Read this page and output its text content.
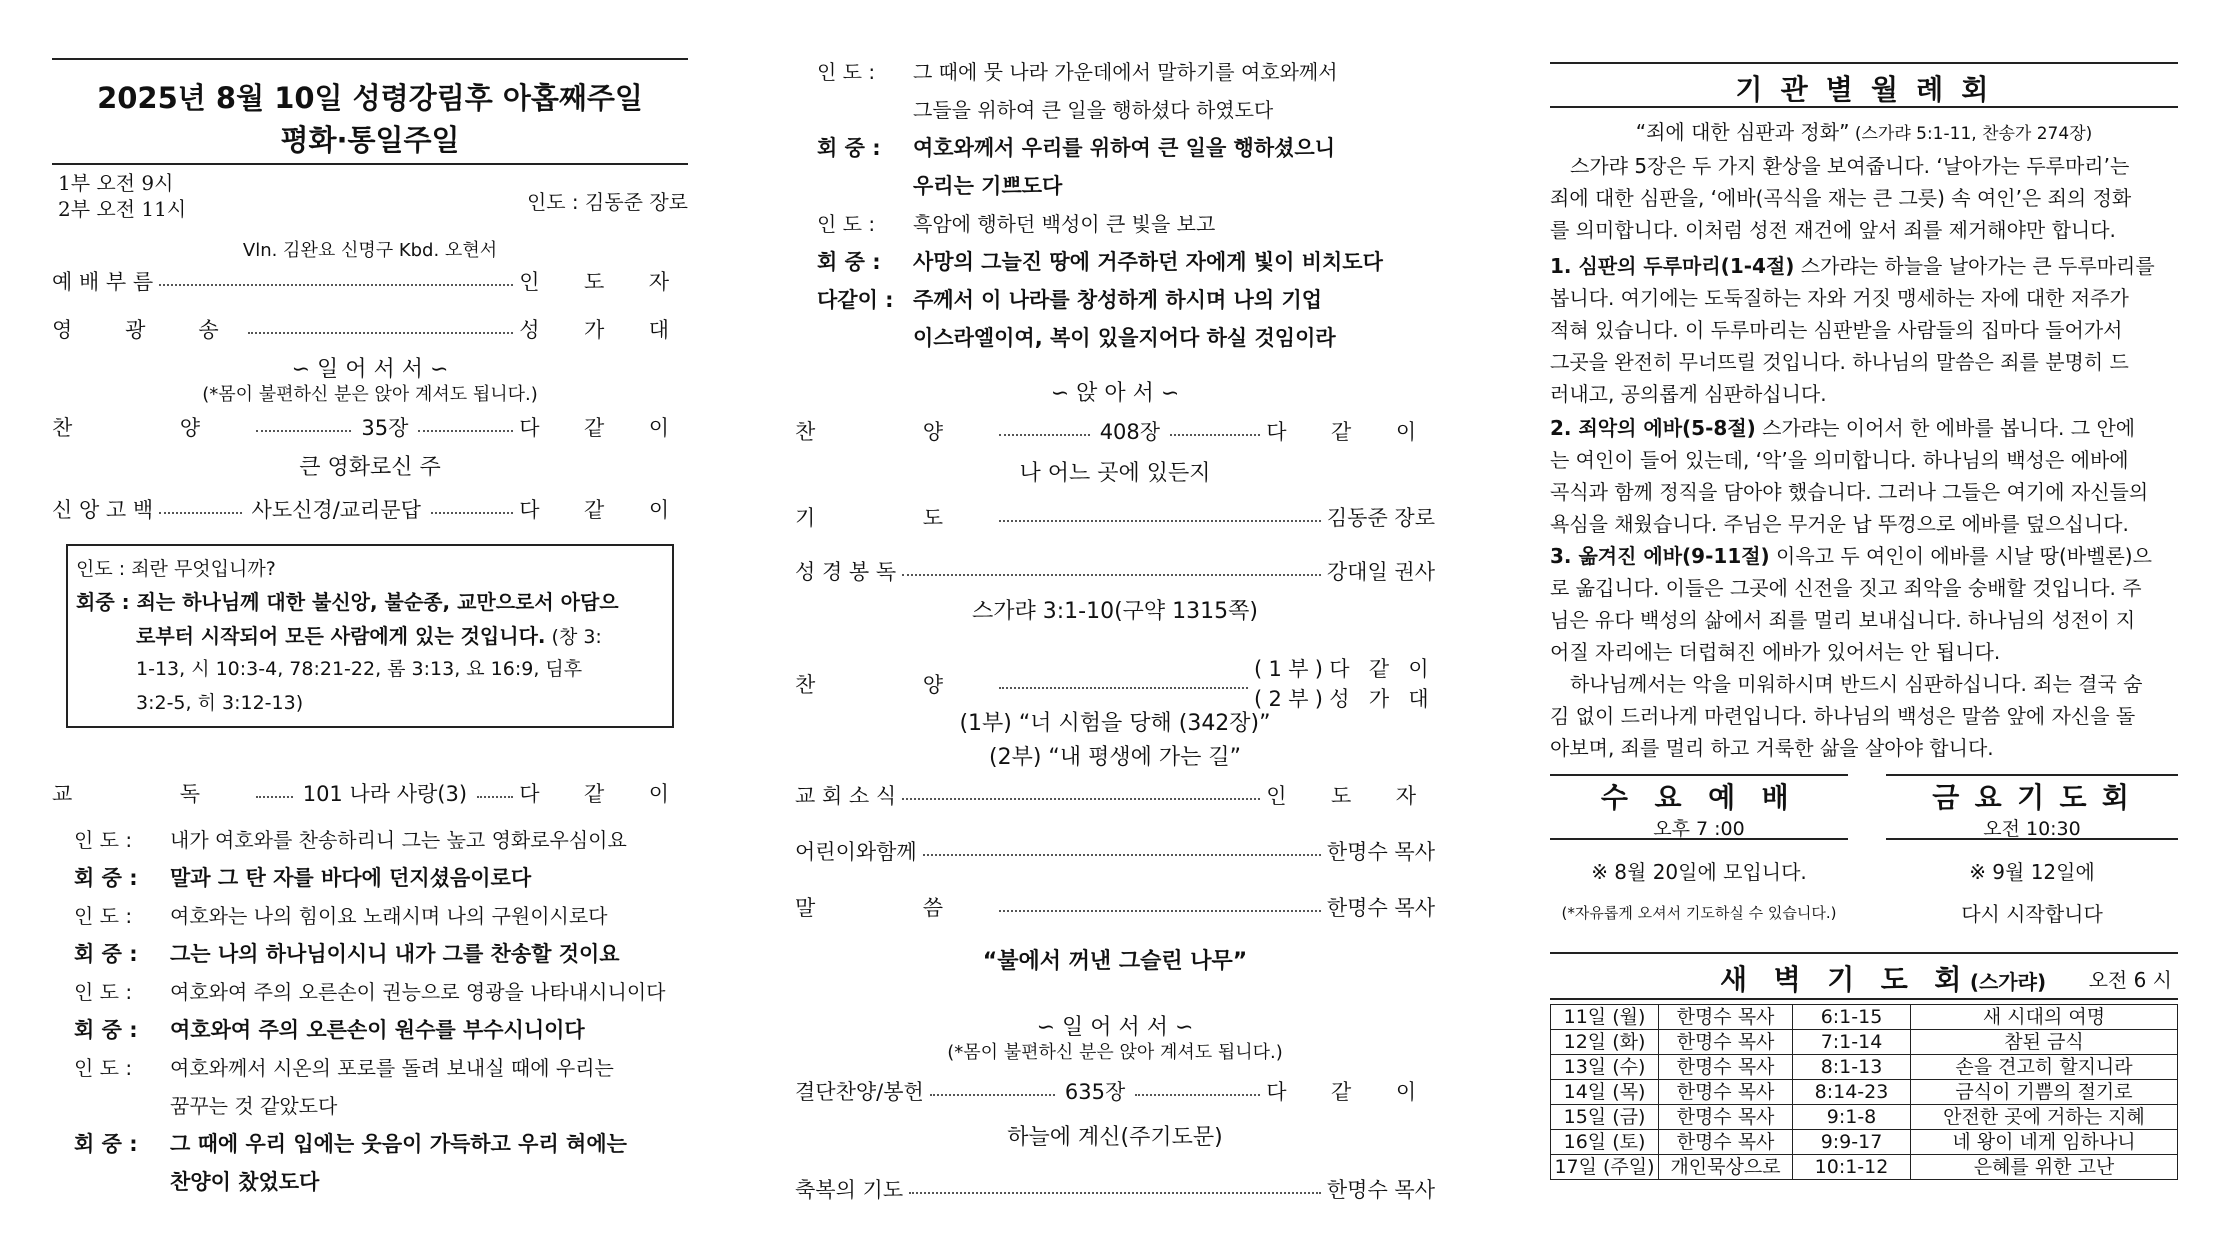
2025년 8월 10일 성령강림후 아홉째주일
평화·통일주일
1부 오전 9시
2부 오전 11시	인도 : 김동준 장로
Vln. 김완요 신명구 Kbd. 오현서
예 배 부 름	인 도 자
영 광 송	성 가 대
∽ 일 어 서 서 ∽
(*몸이 불편하신 분은 앉아 계셔도 됩니다.)
찬 양	35장	다 같 이
큰 영화로신 주
신 앙 고 백	사도신경/교리문답	다 같 이
인도 : 죄란 무엇입니까?
회중 : 죄는 하나님께 대한 불신앙, 불순종, 교만으로서 아담으
로부터 시작되어 모든 사람에게 있는 것입니다. (창 3:
1-13, 시 10:3-4, 78:21-22, 롬 3:13, 요 16:9, 딤후
3:2-5, 히 3:12-13)
교 독 101 나라 사랑(3) 다 같 이
인 도 :	내가 여호와를 찬송하리니 그는 높고 영화로우심이요
회 중 :	말과 그 탄 자를 바다에 던지셨음이로다
인 도 :	여호와는 나의 힘이요 노래시며 나의 구원이시로다
회 중 :	그는 나의 하나님이시니 내가 그를 찬송할 것이요
인 도 :	여호와여 주의 오른손이 권능으로 영광을 나타내시니이다
회 중 :	여호와여 주의 오른손이 원수를 부수시니이다
인 도 :	여호와께서 시온의 포로를 돌려 보내실 때에 우리는
꿈꾸는 것 같았도다
회 중 :	그 때에 우리 입에는 웃음이 가득하고 우리 혀에는
찬양이 찼었도다
인 도 :	그 때에 뭇 나라 가운데에서 말하기를 여호와께서
그들을 위하여 큰 일을 행하셨다 하였도다
회 중 :	여호와께서 우리를 위하여 큰 일을 행하셨으니
우리는 기쁘도다
인 도 :	흑암에 행하던 백성이 큰 빛을 보고
회 중 :	사망의 그늘진 땅에 거주하던 자에게 빛이 비치도다
다같이 : 주께서 이 나라를 창성하게 하시며 나의 기업
이스라엘이여, 복이 있을지어다 하실 것임이라
∽ 앉 아 서 ∽
찬 양	408장	다 같 이
나 어느 곳에 있든지
기 도	김동준 장로
성 경 봉 독	강대일 권사
스가랴 3:1-10(구약 1315쪽)
찬 양
(1부)다 같 이
(2부)성 가 대
(1부) “너 시험을 당해 (342장)”
(2부) “내 평생에 가는 길”
교 회 소 식	인 도 자
어린이와함께	한명수 목사
말 씀	한명수 목사
“불에서 꺼낸 그슬린 나무”
∽ 일 어 서 서 ∽
(*몸이 불편하신 분은 앉아 계셔도 됩니다.)
결단찬양/봉헌	635장	다 같 이
하늘에 계신(주기도문)
축복의 기도	한명수 목사
기 관 별 월 례 회
“죄에 대한 심판과 정화” (스가랴 5:1-11, 찬송가 274장)

스가랴 5장은 두 가지 환상을 보여줍니다. ‘날아가는 두루마리’는

죄에 대한 심판을, ‘에바(곡식을 재는 큰 그릇) 속 여인’은 죄의 정화

를 의미합니다. 이처럼 성전 재건에 앞서 죄를 제거해야만 합니다.

1. 심판의 두루마리(1-4절) 스가랴는 하늘을 날아가는 큰 두루마리를

봅니다. 여기에는 도둑질하는 자와 거짓 맹세하는 자에 대한 저주가

적혀 있습니다. 이 두루마리는 심판받을 사람들의 집마다 들어가서

그곳을 완전히 무너뜨릴 것입니다. 하나님의 말씀은 죄를 분명히 드

러내고, 공의롭게 심판하십니다.

2. 죄악의 에바(5-8절) 스가랴는 이어서 한 에바를 봅니다. 그 안에

는 여인이 들어 있는데, ‘악’을 의미합니다. 하나님의 백성은 에바에

곡식과 함께 정직을 담아야 했습니다. 그러나 그들은 여기에 자신들의

욕심을 채웠습니다. 주님은 무거운 납 뚜껑으로 에바를 덮으십니다.

3. 옮겨진 에바(9-11절) 이윽고 두 여인이 에바를 시날 땅(바벨론)으

로 옮깁니다. 이들은 그곳에 신전을 짓고 죄악을 숭배할 것입니다. 주

님은 유다 백성의 삶에서 죄를 멀리 보내십니다. 하나님의 성전이 지

어질 자리에는 더럽혀진 에바가 있어서는 안 됩니다.

하나님께서는 악을 미워하시며 반드시 심판하십니다. 죄는 결국 숨

김 없이 드러나게 마련입니다. 하나님의 백성은 말씀 앞에 자신을 돌

아보며, 죄를 멀리 하고 거룩한 삶을 살아야 합니다.

수 요 예 배
오후 7 :00
※ 8월 20일에 모입니다.
(*자유롭게 오셔서 기도하실 수 있습니다.)
금 요 기 도 회
오전 10:30
※ 9월 12일에
다시 시작합니다
새 벽 기 도 회(스가랴) 오전 6 시
11일 (월)	한명수 목사	6:1-15	새 시대의 여명
12일 (화)	한명수 목사	7:1-14	참된 금식
13일 (수)	한명수 목사	8:1-13	손을 견고히 할지니라
14일 (목)	한명수 목사	8:14-23	금식이 기쁨의 절기로
15일 (금)	한명수 목사	9:1-8	안전한 곳에 거하는 지혜
16일 (토)	한명수 목사	9:9-17	네 왕이 네게 임하나니
17일 (주일)	개인묵상으로	10:1-12	은혜를 위한 고난
